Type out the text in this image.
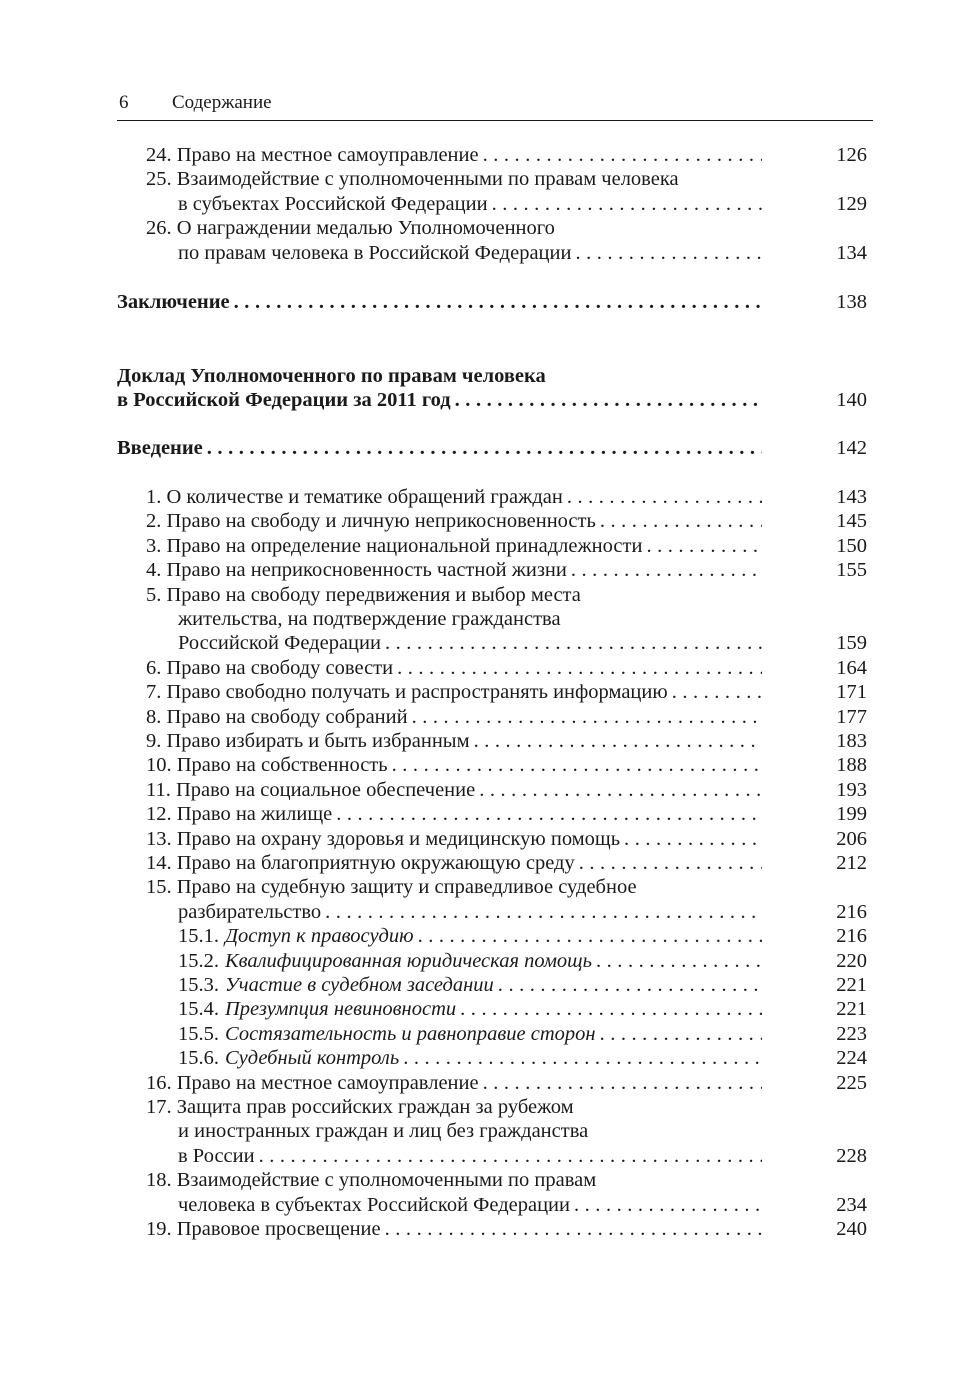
6 Содержание
24. Право на местное самоуправление . . .	126
25. Взаимодействие с уполномоченными по правам человека
в субъектах Российской Федерации . . .	129
26. О награждении медалью Уполномоченного
по правам человека в Российской Федерации . . .	134
Заключение . . .	138
Доклад Уполномоченного по правам человека
в Российской Федерации за 2011 год . . .	140
Введение . . .	142
1. О количестве и тематике обращений граждан . . .	143
2. Право на свободу и личную неприкосновенность . . .	145
3. Право на определение национальной принадлежности . . .	150
4. Право на неприкосновенность частной жизни . . .	155
5. Право на свободу передвижения и выбор места
жительства, на подтверждение гражданства
Российской Федерации . . .	159
6. Право на свободу совести . . .	164
7. Право свободно получать и распространять информацию . . .	171
8. Право на свободу собраний . . .	177
9. Право избирать и быть избранным . . .	183
10. Право на собственность . . .	188
11. Право на социальное обеспечение . . .	193
12. Право на жилище . . .	199
13. Право на охрану здоровья и медицинскую помощь . . .	206
14. Право на благоприятную окружающую среду . . .	212
15. Право на судебную защиту и справедливое судебное
разбирательство . . .	216
15.1. Доступ к правосудию . . .	216
15.2. Квалифицированная юридическая помощь . . .	220
15.3. Участие в судебном заседании . . .	221
15.4. Презумпция невиновности . . .	221
15.5. Состязательность и равноправие сторон . . .	223
15.6. Судебный контроль . . .	224
16. Право на местное самоуправление . . .	225
17. Защита прав российских граждан за рубежом
и иностранных граждан и лиц без гражданства
в России . . .	228
18. Взаимодействие с уполномоченными по правам
человека в субъектах Российской Федерации . . .	234
19. Правовое просвещение . . .	240
